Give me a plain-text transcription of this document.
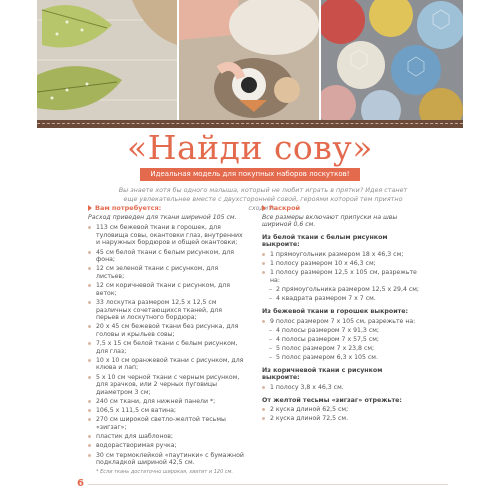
«Найди сову»
Идеальная модель для покупных наборов лоскутков!
Вы знаете хотя бы одного малыша, который не любит играть в прятки? Идея станет еще увлекательнее вместе с двухсторонней совой, героями которой тем приятно сходить.
Вам потребуется:
Расход приведен для ткани шириной 105 см.
113 см бежевой ткани в горошек, для туловища совы, окантовки глаз, внутренних и наружных бордюров и общей окантовки;
45 см белой ткани с белым рисунком, для фона;
12 см зеленой ткани с рисунком, для листьев;
12 см коричневой ткани с рисунком, для веток;
33 лоскутка размером 12,5 х 12,5 см различных сочетающихся тканей, для перьев и лоскутного бордюра;
20 х 45 см бежевой ткани без рисунка, для головы и крыльев совы;
7,5 х 15 см белой ткани с белым рисунком, для глаз;
10 х 10 см оранжевой ткани с рисунком, для клюва и лап;
5 х 10 см черной ткани с черным рисунком, для зрачков, или 2 черных пуговицы диаметром 3 см;
240 см ткани, для нижней панели *;
106,5 х 111,5 см ватина;
270 см широкой светло-желтой тесьмы «зигзаг»;
пластик для шаблонов;
водорастворимая ручка;
30 см термоклейкой «паутинки» с бумажной подкладкой шириной 42,5 см.
* Если ткань достаточно широкая, хватит и 120 см.
Раскрой
Все размеры включают припуски на швы шириной 0,6 см.
Из белой ткани с белым рисунком выкроите:
1 прямоугольник размером 18 х 46,3 см;
1 полосу размером 10 х 46,3 см;
1 полосу размером 12,5 х 105 см, разрежьте на:
– 2 прямоугольника размером 12,5 х 29,4 см;
– 4 квадрата размером 7 х 7 см.
Из бежевой ткани в горошек выкроите:
9 полос размером 7 х 105 см, разрежьте на:
– 4 полосы размером 7 х 91,3 см;
– 4 полосы размером 7 х 57,5 см;
– 5 полос размером 7 х 23,8 см;
– 5 полос размером 6,3 х 105 см.
Из коричневой ткани с рисунком выкроите:
1 полосу 3,8 х 46,3 см.
От желтой тесьмы «зигзаг» отрежьте:
2 куска длиной 62,5 см;
2 куска длиной 72,5 см.
6
